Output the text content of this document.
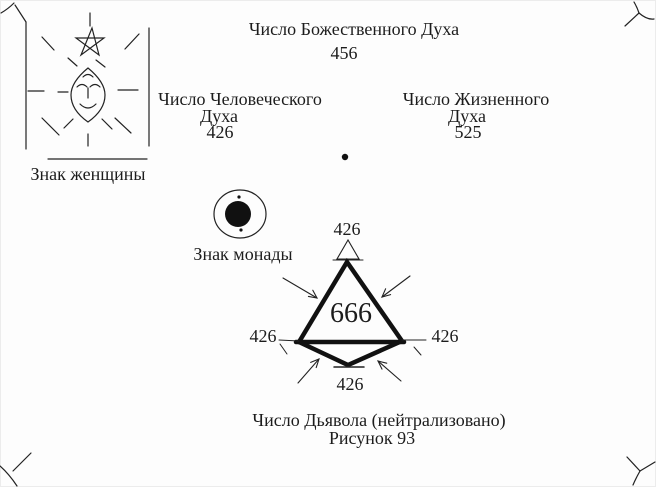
Число Божественного Духа
456
Число Человеческого
Духа
426
Число Жизненного
Духа
525
Знак женщины
Знак монады
426
426	426
426
666
Число Дьявола (нейтрализовано)
Рисунок 93
